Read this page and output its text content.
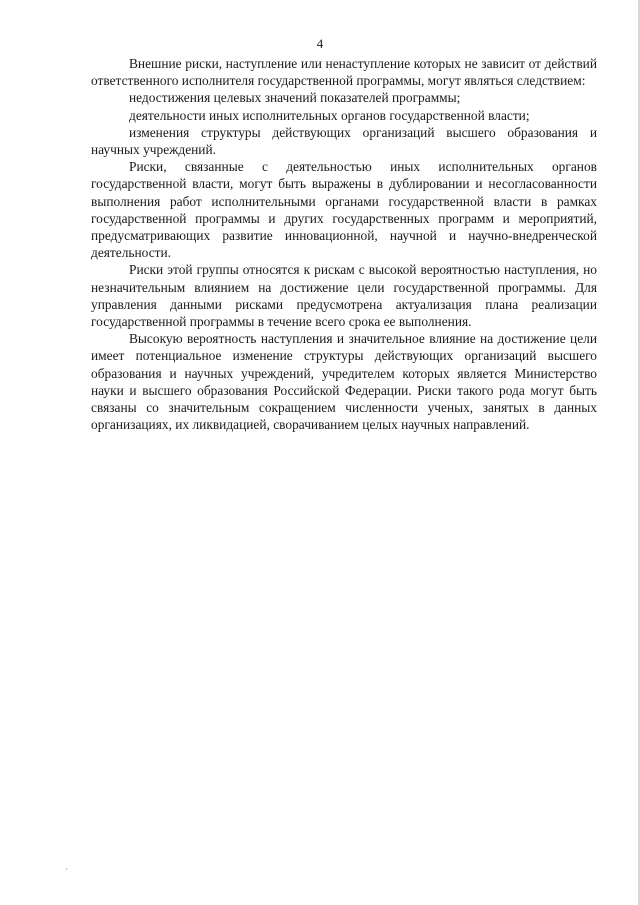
4

Внешние риски, наступление или ненаступление которых не зависит от действий ответственного исполнителя государственной программы, могут являться следствием:

недостижения целевых значений показателей программы;

деятельности иных исполнительных органов государственной власти;

изменения структуры действующих организаций высшего образования и научных учреждений.

Риски, связанные с деятельностью иных исполнительных органов государственной власти, могут быть выражены в дублировании и несогласованности выполнения работ исполнительными органами государственной власти в рамках государственной программы и других государственных программ и мероприятий, предусматривающих развитие инновационной, научной и научно-внедренческой деятельности.

Риски этой группы относятся к рискам с высокой вероятностью наступления, но незначительным влиянием на достижение цели государственной программы. Для управления данными рисками предусмотрена актуализация плана реализации государственной программы в течение всего срока ее выполнения.

Высокую вероятность наступления и значительное влияние на достижение цели имеет потенциальное изменение структуры действующих организаций высшего образования и научных учреждений, учредителем которых является Министерство науки и высшего образования Российской Федерации. Риски такого рода могут быть связаны со значительным сокращением численности ученых, занятых в данных организациях, их ликвидацией, сворачиванием целых научных направлений.
